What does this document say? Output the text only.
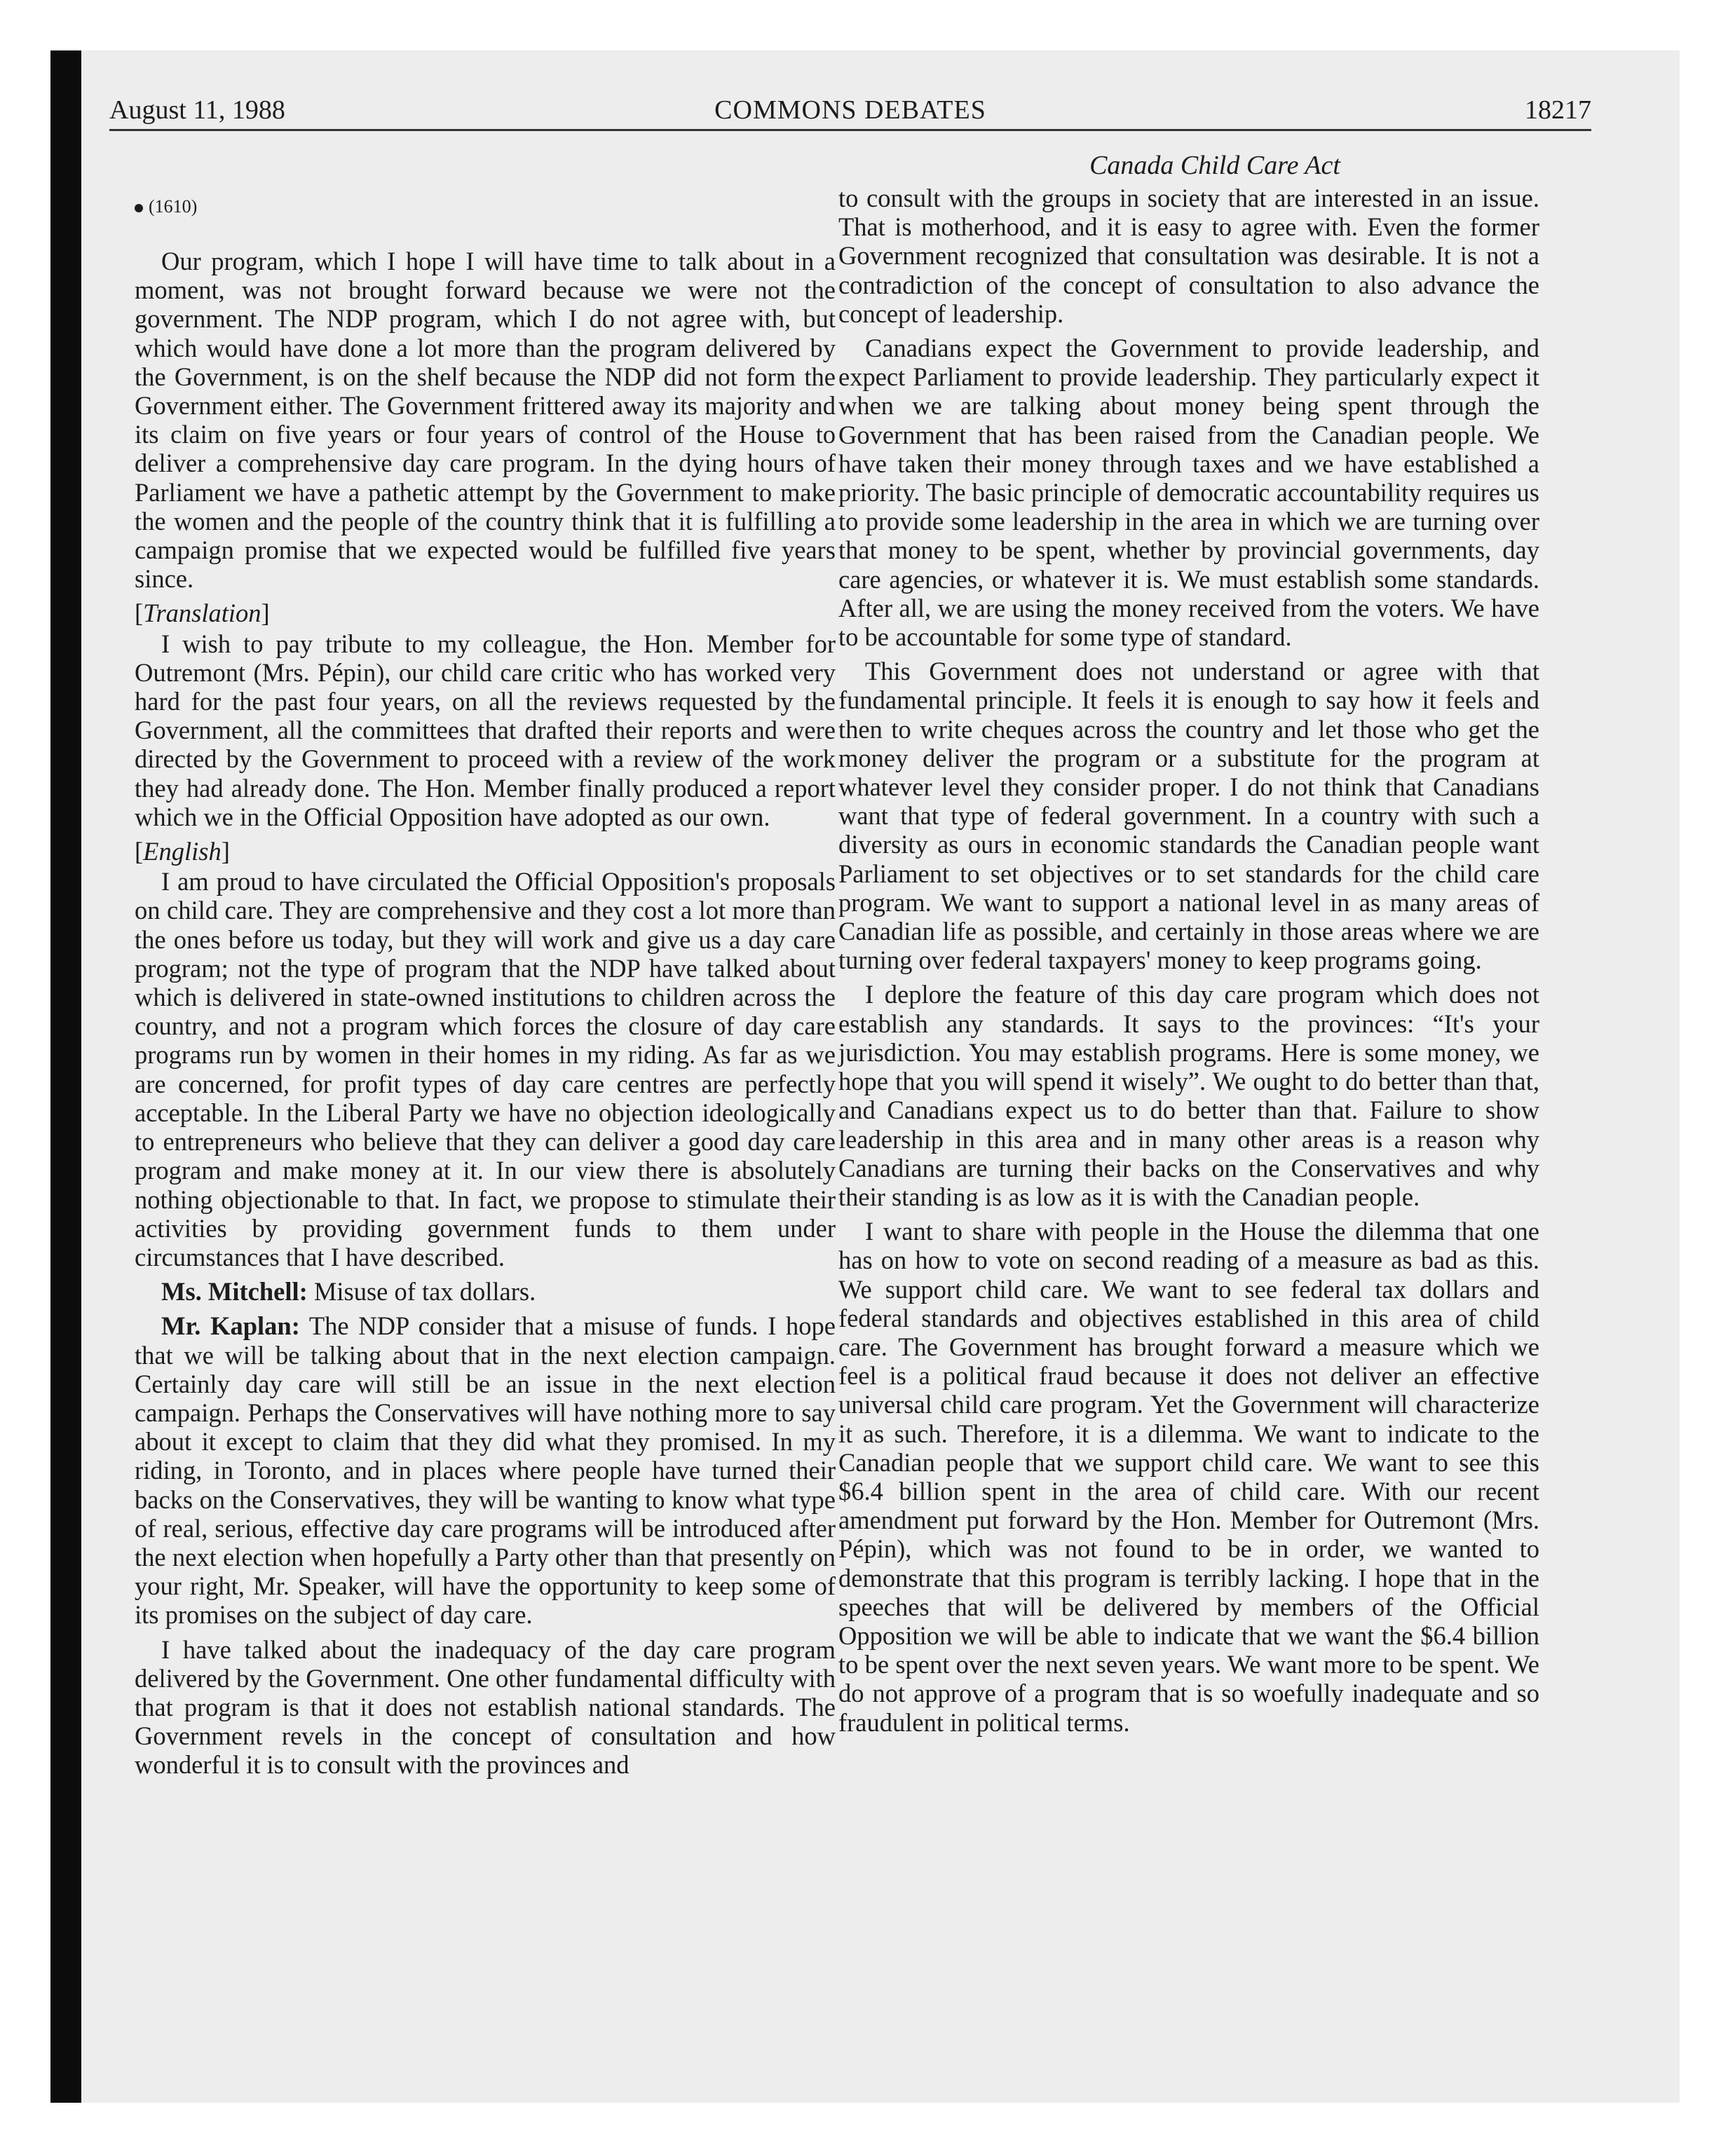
August 11, 1988	COMMONS DEBATES	18217
Canada Child Care Act
(1610)

Our program, which I hope I will have time to talk about in a moment, was not brought forward because we were not the government. The NDP program, which I do not agree with, but which would have done a lot more than the program delivered by the Government, is on the shelf because the NDP did not form the Government either. The Government frittered away its majority and its claim on five years or four years of control of the House to deliver a comprehensive day care program. In the dying hours of Parliament we have a pathetic attempt by the Government to make the women and the people of the country think that it is fulfilling a campaign promise that we expected would be fulfilled five years since.

[Translation]

I wish to pay tribute to my colleague, the Hon. Member for Outremont (Mrs. Pépin), our child care critic who has worked very hard for the past four years, on all the reviews requested by the Government, all the committees that drafted their reports and were directed by the Government to proceed with a review of the work they had already done. The Hon. Member finally produced a report which we in the Official Opposition have adopted as our own.

[English]

I am proud to have circulated the Official Opposition's proposals on child care. They are comprehensive and they cost a lot more than the ones before us today, but they will work and give us a day care program; not the type of program that the NDP have talked about which is delivered in state-owned institutions to children across the country, and not a program which forces the closure of day care programs run by women in their homes in my riding. As far as we are concerned, for profit types of day care centres are perfectly acceptable. In the Liberal Party we have no objection ideologically to entrepreneurs who believe that they can deliver a good day care program and make money at it. In our view there is absolutely nothing objectionable to that. In fact, we propose to stimulate their activities by providing government funds to them under circumstances that I have described.

Ms. Mitchell: Misuse of tax dollars.

Mr. Kaplan: The NDP consider that a misuse of funds. I hope that we will be talking about that in the next election campaign. Certainly day care will still be an issue in the next election campaign. Perhaps the Conservatives will have nothing more to say about it except to claim that they did what they promised. In my riding, in Toronto, and in places where people have turned their backs on the Conservatives, they will be wanting to know what type of real, serious, effective day care programs will be introduced after the next election when hopefully a Party other than that presently on your right, Mr. Speaker, will have the opportunity to keep some of its promises on the subject of day care.

I have talked about the inadequacy of the day care program delivered by the Government. One other fundamental difficulty with that program is that it does not establish national standards. The Government revels in the concept of consultation and how wonderful it is to consult with the provinces and

to consult with the groups in society that are interested in an issue. That is motherhood, and it is easy to agree with. Even the former Government recognized that consultation was desirable. It is not a contradiction of the concept of consultation to also advance the concept of leadership.

Canadians expect the Government to provide leadership, and expect Parliament to provide leadership. They particularly expect it when we are talking about money being spent through the Government that has been raised from the Canadian people. We have taken their money through taxes and we have established a priority. The basic principle of democratic accountability requires us to provide some leadership in the area in which we are turning over that money to be spent, whether by provincial governments, day care agencies, or whatever it is. We must establish some standards. After all, we are using the money received from the voters. We have to be accountable for some type of standard.

This Government does not understand or agree with that fundamental principle. It feels it is enough to say how it feels and then to write cheques across the country and let those who get the money deliver the program or a substitute for the program at whatever level they consider proper. I do not think that Canadians want that type of federal government. In a country with such a diversity as ours in economic standards the Canadian people want Parliament to set objectives or to set standards for the child care program. We want to support a national level in as many areas of Canadian life as possible, and certainly in those areas where we are turning over federal taxpayers' money to keep programs going.

I deplore the feature of this day care program which does not establish any standards. It says to the provinces: “It's your jurisdiction. You may establish programs. Here is some money, we hope that you will spend it wisely”. We ought to do better than that, and Canadians expect us to do better than that. Failure to show leadership in this area and in many other areas is a reason why Canadians are turning their backs on the Conservatives and why their standing is as low as it is with the Canadian people.

I want to share with people in the House the dilemma that one has on how to vote on second reading of a measure as bad as this. We support child care. We want to see federal tax dollars and federal standards and objectives established in this area of child care. The Government has brought forward a measure which we feel is a political fraud because it does not deliver an effective universal child care program. Yet the Government will characterize it as such. Therefore, it is a dilemma. We want to indicate to the Canadian people that we support child care. We want to see this $6.4 billion spent in the area of child care. With our recent amendment put forward by the Hon. Member for Outremont (Mrs. Pépin), which was not found to be in order, we wanted to demonstrate that this program is terribly lacking. I hope that in the speeches that will be delivered by members of the Official Opposition we will be able to indicate that we want the $6.4 billion to be spent over the next seven years. We want more to be spent. We do not approve of a program that is so woefully inadequate and so fraudulent in political terms.
